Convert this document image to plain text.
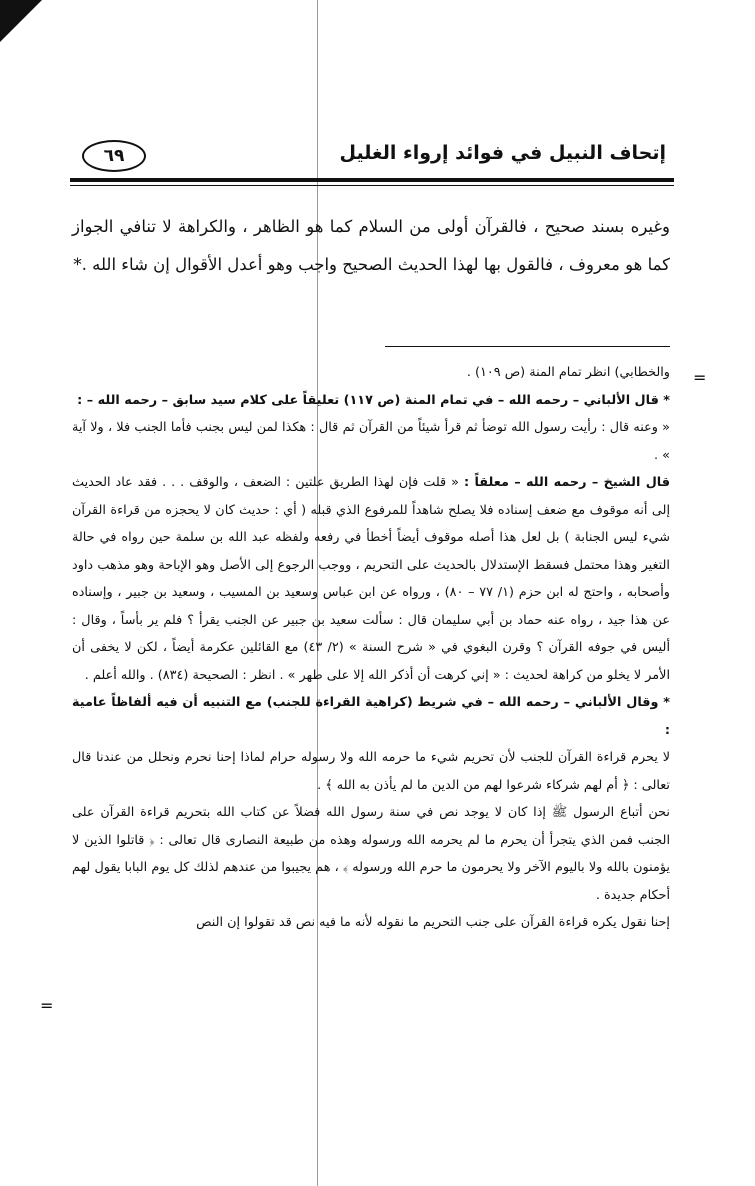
إتحاف النبيل في فوائد إرواء الغليل
٦٩

وغيره بسند صحيح ، فالقرآن أولى من السلام كما هو الظاهر ، والكراهة لا تنافي الجواز كما هو معروف ، فالقول بها لهذا الحديث الصحيح واجب وهو أعدل الأقوال إن شاء الله .*

=

والخطابي) انظر تمام المنة (ص ١٠٩) .

* قال الألباني – رحمه الله – في تمام المنة (ص ١١٧) تعليقاً على كلام سيد سابق – رحمه الله – :

« وعنه قال : رأيت رسول الله توضأ ثم قرأ شيئاً من القرآن ثم قال : هكذا لمن ليس بجنب فأما الجنب فلا ، ولا آية » .

قال الشيخ – رحمه الله – معلقاً : « قلت فإن لهذا الطريق علتين : الضعف ، والوقف . . . فقد عاد الحديث إلى أنه موقوف مع ضعف إسناده فلا يصلح شاهداً للمرفوع الذي قبله ( أي : حديث كان لا يحجزه من قراءة القرآن شيء ليس الجنابة ) بل لعل هذا أصله موقوف أيضاً أخطأ في رفعه ولفظه عبد الله بن سلمة حين رواه في حالة التغير وهذا محتمل فسقط الإستدلال بالحديث على التحريم ، ووجب الرجوع إلى الأصل وهو الإباحة وهو مذهب داود وأصحابه ، واحتج له ابن حزم (١/ ٧٧ – ٨٠) ، ورواه عن ابن عباس وسعيد بن المسيب ، وسعيد بن جبير ، وإسناده عن هذا جيد ، رواه عنه حماد بن أبي سليمان قال : سألت سعيد بن جبير عن الجنب يقرأ ؟ فلم ير بأساً ، وقال : أليس في جوفه القرآن ؟ وقرن البغوي في « شرح السنة » (٢/ ٤٣) مع القائلين عكرمة أيضاً ، لكن لا يخفى أن الأمر لا يخلو من كراهة لحديث : « إني كرهت أن أذكر الله إلا على طهر » . انظر : الصحيحة (٨٣٤) . والله أعلم .

* وقال الألباني – رحمه الله – في شريط (كراهية القراءة للجنب) مع التنبيه أن فيه ألفاظاً عامية :

لا يحرم قراءة القرآن للجنب لأن تحريم شيء ما حرمه الله ولا رسوله حرام لماذا إحنا نحرم ونحلل من عندنا قال تعالى : ﴿ أم لهم شركاء شرعوا لهم من الدين ما لم يأذن به الله ﴾ .

نحن أتباع الرسول ﷺ إذا كان لا يوجد نص في سنة رسول الله فضلاً عن كتاب الله بتحريم قراءة القرآن على الجنب فمن الذي يتجرأ أن يحرم ما لم يحرمه الله ورسوله وهذه من طبيعة النصارى قال تعالى : ﴿ قاتلوا الذين لا يؤمنون بالله ولا باليوم الآخر ولا يحرمون ما حرم الله ورسوله ﴾ ، هم يجيبوا من عندهم لذلك كل يوم البابا يقول لهم أحكام جديدة .

إحنا نقول يكره قراءة القرآن على جنب التحريم ما نقوله لأنه ما فيه نص قد تقولوا إن النص

=
